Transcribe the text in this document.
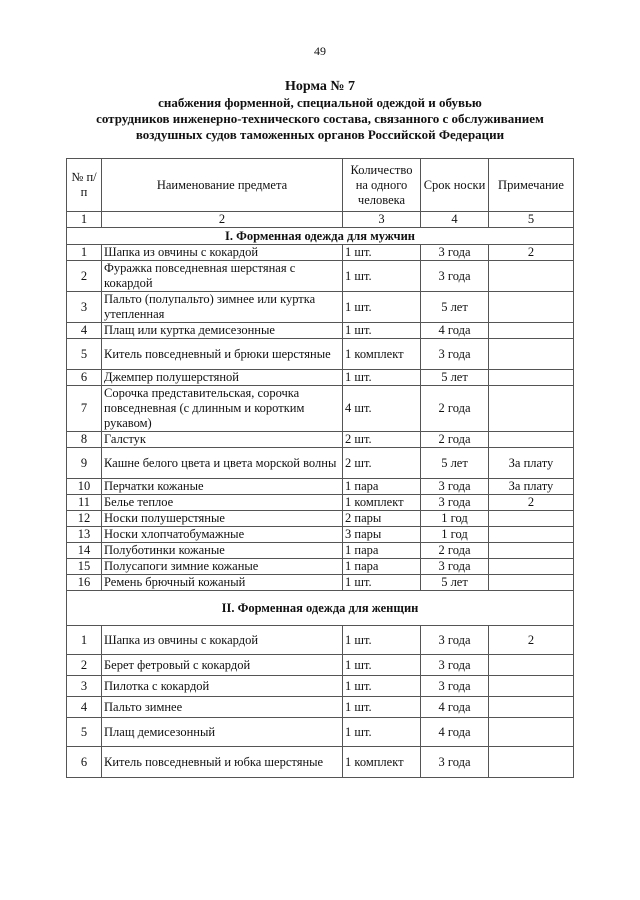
49
Норма № 7
снабжения форменной, специальной одеждой и обувью
сотрудников инженерно-технического состава, связанного с обслуживанием
воздушных судов таможенных органов Российской Федерации
№ п/п	Наименование предмета	Количество на одного человека	Срок носки	Примечание
1	2	3	4	5
I. Форменная одежда для мужчин				
1	Шапка из овчины с кокардой	1 шт.	3 года	2
2	Фуражка повседневная шерстяная с кокардой	1 шт.	3 года	
3	Пальто (полупальто) зимнее или куртка утепленная	1 шт.	5 лет	
4	Плащ или куртка демисезонные	1 шт.	4 года	
5	Китель повседневный и брюки шерстяные	1 комплект	3 года	
6	Джемпер полушерстяной	1 шт.	5 лет	
7	Сорочка представительская, сорочка повседневная (с длинным и коротким рукавом)	4 шт.	2 года	
8	Галстук	2 шт.	2 года	
9	Кашне белого цвета и цвета морской волны	2 шт.	5 лет	За плату
10	Перчатки кожаные	1 пара	3 года	За плату
11	Белье теплое	1 комплект	3 года	2
12	Носки полушерстяные	2 пары	1 год	
13	Носки хлопчатобумажные	3 пары	1 год	
14	Полуботинки кожаные	1 пара	2 года	
15	Полусапоги зимние кожаные	1 пара	3 года	
16	Ремень брючный кожаный	1 шт.	5 лет	
II. Форменная одежда для женщин				
1	Шапка из овчины с кокардой	1 шт.	3 года	2
2	Берет фетровый с кокардой	1 шт.	3 года	
3	Пилотка с кокардой	1 шт.	3 года	
4	Пальто зимнее	1 шт.	4 года	
5	Плащ демисезонный	1 шт.	4 года	
6	Китель повседневный и юбка шерстяные	1 комплект	3 года	
